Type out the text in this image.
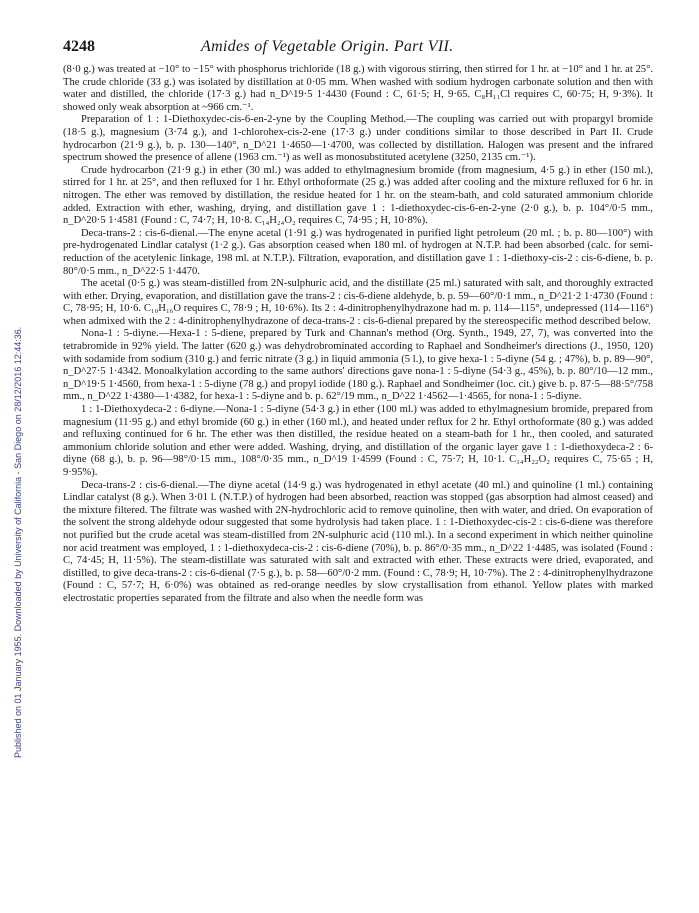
Published on 01 January 1955. Downloaded by University of California - San Diego on 28/12/2016 12:44:36.
4248	Amides of Vegetable Origin. Part VII.

(8·0 g.) was treated at −10° to −15° with phosphorus trichloride (18 g.) with vigorous stirring, then stirred for 1 hr. at −10° and 1 hr. at 25°. The crude chloride (33 g.) was isolated by distillation at 0·05 mm. When washed with sodium hydrogen carbonate solution and then with water and distilled, the chloride (17·3 g.) had n_D^19·5 1·4430 (Found : C, 61·5; H, 9·65. C₈H₁₁Cl requires C, 60·75; H, 9·3%). It showed only weak absorption at ~966 cm.⁻¹.

Preparation of 1 : 1-Diethoxydec-cis-6-en-2-yne by the Coupling Method.—The coupling was carried out with propargyl bromide (18·5 g.), magnesium (3·74 g.), and 1-chlorohex-cis-2-ene (17·3 g.) under conditions similar to those described in Part II. Crude hydrocarbon (21·9 g.), b. p. 130—140°, n_D^21 1·4650—1·4700, was collected by distillation. Halogen was present and the infrared spectrum showed the presence of allene (1963 cm.⁻¹) as well as monosubstituted acetylene (3250, 2135 cm.⁻¹).

Crude hydrocarbon (21·9 g.) in ether (30 ml.) was added to ethylmagnesium bromide (from magnesium, 4·5 g.) in ether (150 ml.), stirred for 1 hr. at 25°, and then refluxed for 1 hr. Ethyl orthoformate (25 g.) was added after cooling and the mixture refluxed for 6 hr. in nitrogen. The ether was removed by distillation, the residue heated for 1 hr. on the steam-bath, and cold saturated ammonium chloride added. Extraction with ether, washing, drying, and distillation gave 1 : 1-diethoxydec-cis-6-en-2-yne (2·0 g.), b. p. 104°/0·5 mm., n_D^20·5 1·4581 (Found : C, 74·7; H, 10·8. C₁₄H₂₄O₂ requires C, 74·95 ; H, 10·8%).

Deca-trans-2 : cis-6-dienal.—The enyne acetal (1·91 g.) was hydrogenated in purified light petroleum (20 ml. ; b. p. 80—100°) with pre-hydrogenated Lindlar catalyst (1·2 g.). Gas absorption ceased when 180 ml. of hydrogen at N.T.P. had been absorbed (calc. for semi-reduction of the acetylenic linkage, 198 ml. at N.T.P.). Filtration, evaporation, and distillation gave 1 : 1-diethoxy-cis-2 : cis-6-diene, b. p. 80°/0·5 mm., n_D^22·5 1·4470.

The acetal (0·5 g.) was steam-distilled from 2N-sulphuric acid, and the distillate (25 ml.) saturated with salt, and thoroughly extracted with ether. Drying, evaporation, and distillation gave the trans-2 : cis-6-diene aldehyde, b. p. 59—60°/0·1 mm., n_D^21·2 1·4730 (Found : C, 78·95; H, 10·6. C₁₀H₁₆O requires C, 78·9 ; H, 10·6%). Its 2 : 4-dinitrophenylhydrazone had m. p. 114—115°, undepressed (114—116°) when admixed with the 2 : 4-dinitrophenylhydrazone of deca-trans-2 : cis-6-dienal prepared by the stereospecific method described below.

Nona-1 : 5-diyne.—Hexa-1 : 5-diene, prepared by Turk and Channan's method (Org. Synth., 1949, 27, 7), was converted into the tetrabromide in 92% yield. The latter (620 g.) was dehydrobrominated according to Raphael and Sondheimer's directions (J., 1950, 120) with sodamide from sodium (310 g.) and ferric nitrate (3 g.) in liquid ammonia (5 l.), to give hexa-1 : 5-diyne (54 g. ; 47%), b. p. 89—90°, n_D^27·5 1·4342. Monoalkylation according to the same authors' directions gave nona-1 : 5-diyne (54·3 g., 45%), b. p. 80°/10—12 mm., n_D^19·5 1·4560, from hexa-1 : 5-diyne (78 g.) and propyl iodide (180 g.). Raphael and Sondheimer (loc. cit.) give b. p. 87·5—88·5°/758 mm., n_D^22 1·4380—1·4382, for hexa-1 : 5-diyne and b. p. 62°/19 mm., n_D^22 1·4562—1·4565, for nona-1 : 5-diyne.

1 : 1-Diethoxydeca-2 : 6-diyne.—Nona-1 : 5-diyne (54·3 g.) in ether (100 ml.) was added to ethylmagnesium bromide, prepared from magnesium (11·95 g.) and ethyl bromide (60 g.) in ether (160 ml.), and heated under reflux for 2 hr. Ethyl orthoformate (80 g.) was added and refluxing continued for 6 hr. The ether was then distilled, the residue heated on a steam-bath for 1 hr., then cooled, and saturated ammonium chloride solution and ether were added. Washing, drying, and distillation of the organic layer gave 1 : 1-diethoxydeca-2 : 6-diyne (68 g.), b. p. 96—98°/0·15 mm., 108°/0·35 mm., n_D^19 1·4599 (Found : C, 75·7; H, 10·1. C₁₄H₂₂O₂ requires C, 75·65 ; H, 9·95%).

Deca-trans-2 : cis-6-dienal.—The diyne acetal (14·9 g.) was hydrogenated in ethyl acetate (40 ml.) and quinoline (1 ml.) containing Lindlar catalyst (8 g.). When 3·01 l. (N.T.P.) of hydrogen had been absorbed, reaction was stopped (gas absorption had almost ceased) and the mixture filtered. The filtrate was washed with 2N-hydrochloric acid to remove quinoline, then with water, and dried. On evaporation of the solvent the strong aldehyde odour suggested that some hydrolysis had taken place. 1 : 1-Diethoxydec-cis-2 : cis-6-diene was therefore not purified but the crude acetal was steam-distilled from 2N-sulphuric acid (110 ml.). In a second experiment in which neither quinoline nor acid treatment was employed, 1 : 1-diethoxydeca-cis-2 : cis-6-diene (70%), b. p. 86°/0·35 mm., n_D^22 1·4485, was isolated (Found : C, 74·45; H, 11·5%). The steam-distillate was saturated with salt and extracted with ether. These extracts were dried, evaporated, and distilled, to give deca-trans-2 : cis-6-dienal (7·5 g.), b. p. 58—60°/0·2 mm. (Found : C, 78·9; H, 10·7%). The 2 : 4-dinitrophenylhydrazone (Found : C, 57·7; H, 6·0%) was obtained as red-orange needles by slow crystallisation from ethanol. Yellow plates with marked electrostatic properties separated from the filtrate and also when the needle form was
